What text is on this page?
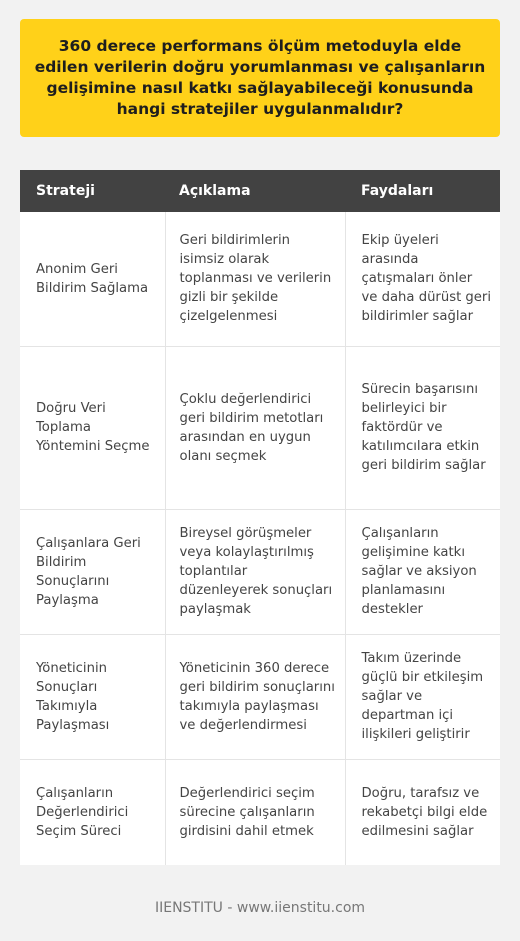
360 derece performans ölçüm metoduyla elde edilen verilerin doğru yorumlanması ve çalışanların gelişimine nasıl katkı sağlayabileceği konusunda hangi stratejiler uygulanmalıdır?
Strateji	Açıklama	Faydaları
Anonim Geri Bildirim Sağlama	Geri bildirimlerin isimsiz olarak toplanması ve verilerin gizli bir şekilde çizelgelenmesi	Ekip üyeleri arasında çatışmaları önler ve daha dürüst geri bildirimler sağlar
Doğru Veri Toplama Yöntemini Seçme	Çoklu değerlendirici geri bildirim metotları arasından en uygun olanı seçmek	Sürecin başarısını belirleyici bir faktördür ve katılımcılara etkin geri bildirim sağlar
Çalışanlara Geri Bildirim Sonuçlarını Paylaşma	Bireysel görüşmeler veya kolaylaştırılmış toplantılar düzenleyerek sonuçları paylaşmak	Çalışanların gelişimine katkı sağlar ve aksiyon planlamasını destekler
Yöneticinin Sonuçları Takımıyla Paylaşması	Yöneticinin 360 derece geri bildirim sonuçlarını takımıyla paylaşması ve değerlendirmesi	Takım üzerinde güçlü bir etkileşim sağlar ve departman içi ilişkileri geliştirir
Çalışanların Değerlendirici Seçim Süreci	Değerlendirici seçim sürecine çalışanların girdisini dahil etmek	Doğru, tarafsız ve rekabetçi bilgi elde edilmesini sağlar
IIENSTITU - www.iienstitu.com
